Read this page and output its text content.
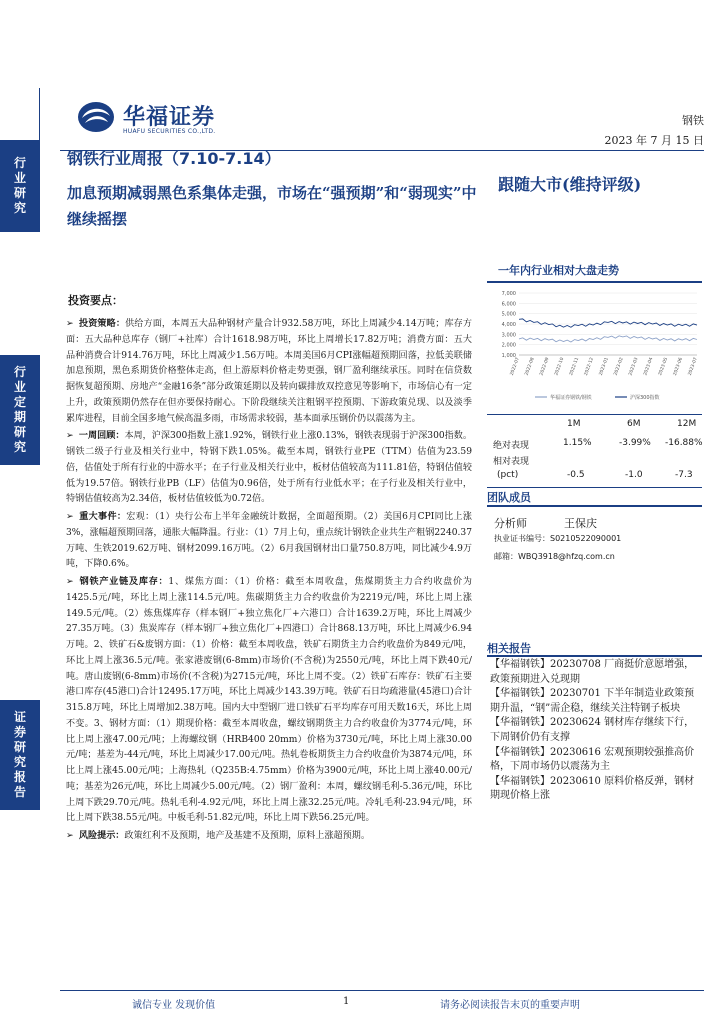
行
业
研
究
行
业
定
期
研
究
证
券
研
究
报
告
华福证券
HUAFU SECURITIES CO.,LTD.
钢铁
2023 年 7 月 15 日
钢铁行业周报（7.10-7.14）
加息预期减弱黑色系集体走强，市场在“强预期”和“弱现实”中继续摇摆
跟随大市(维持评级)
一年内行业相对大盘走势
7,000
6,000
5,000
4,000
3,000
2,000
1,000
2022-07 2022-08 2022-09 2022-10 2022-11 2022-12 2023-01 2023-02 2023-03 2023-04 2023-05 2023-06 2023-07
华福证券钢铁/钢铁	沪深300指数
1M	6M	12M
绝对表现	1.15%	-3.99% -16.88%
相对表现
(pct)	-0.5	-1.0	-7.3
团队成员
分析师	王保庆
执业证书编号：S0210522090001
邮箱：WBQ3918@hfzq.com.cn
相关报告
【华福钢铁】20230708 厂商挺价意愿增强，政策预期进入兑现期
【华福钢铁】20230701 下半年制造业政策预期升温，“钢”需企稳，继续关注特钢子板块
【华福钢铁】20230624 钢材库存继续下行，下周钢价仍有支撑
【华福钢铁】20230616 宏观预期较强推高价格，下周市场仍以震荡为主
【华福钢铁】20230610 原料价格反弹，钢材期现价格上涨
投资要点：

➢ 投资策略：供给方面，本周五大品种钢材产量合计932.58万吨，环比上周减少4.14万吨；库存方面：五大品种总库存（钢厂+社库）合计1618.98万吨，环比上周增长17.82万吨；消费方面：五大品种消费合计914.76万吨，环比上周减少1.56万吨。本周美国6月CPI涨幅超预期回落，拉低美联储加息预期，黑色系期货价格整体走高，但上游原料价格走势更强，钢厂盈利继续承压。同时在信贷数据恢复超预期、房地产“金融16条”部分政策延期以及转向碳排放双控意见等影响下，市场信心有一定上升，政策预期仍然存在但亦要保持耐心。下阶段继续关注粗钢平控预期、下游政策兑现、以及淡季累库进程，目前全国多地气候高温多雨，市场需求较弱，基本面承压钢价仍以震荡为主。

➢ 一周回顾：本周，沪深300指数上涨1.92%，钢铁行业上涨0.13%，钢铁表现弱于沪深300指数。钢铁二级子行业及相关行业中，特钢下跌1.05%。截至本周，钢铁行业PE（TTM）估值为23.59倍，估值处于所有行业的中游水平；在子行业及相关行业中，板材估值较高为111.81倍，特钢估值较低为19.57倍。钢铁行业PB（LF）估值为0.96倍，处于所有行业低水平；在子行业及相关行业中，特钢估值较高为2.34倍，板材估值较低为0.72倍。

➢ 重大事件：宏观：（1）央行公布上半年金融统计数据，全面超预期。（2）美国6月CPI同比上涨3%，涨幅超预期回落，通胀大幅降温。行业：（1）7月上旬，重点统计钢铁企业共生产粗钢2240.37万吨、生铁2019.62万吨、钢材2099.16万吨。（2）6月我国钢材出口量750.8万吨，同比减少4.9万吨，下降0.6%。

➢ 钢铁产业链及库存：1、煤焦方面：（1）价格：截至本周收盘，焦煤期货主力合约收盘价为1425.5元/吨，环比上周上涨114.5元/吨。焦碳期货主力合约收盘价为2219元/吨，环比上周上涨149.5元/吨。（2）炼焦煤库存（样本钢厂+独立焦化厂+六港口）合计1639.2万吨，环比上周减少27.35万吨。（3）焦炭库存（样本钢厂+独立焦化厂+四港口）合计868.13万吨，环比上周减少6.94万吨。2、铁矿石&废钢方面：（1）价格：截至本周收盘，铁矿石期货主力合约收盘价为849元/吨，环比上周上涨36.5元/吨。张家港废钢(6-8mm)市场价(不含税)为2550元/吨，环比上周下跌40元/吨。唐山废钢(6-8mm)市场价(不含税)为2715元/吨，环比上周不变。（2）铁矿石库存：铁矿石主要港口库存(45港口)合计12495.17万吨，环比上周减少143.39万吨。铁矿石日均疏港量(45港口)合计315.8万吨，环比上周增加2.38万吨。国内大中型钢厂进口铁矿石平均库存可用天数16天，环比上周不变。3、钢材方面：（1）期现价格：截至本周收盘，螺纹钢期货主力合约收盘价为3774元/吨，环比上周上涨47.00元/吨；上海螺纹钢（HRB400 20mm）价格为3730元/吨，环比上周上涨30.00元/吨；基差为-44元/吨，环比上周减少17.00元/吨。热轧卷板期货主力合约收盘价为3874元/吨，环比上周上涨45.00元/吨；上海热轧（Q235B:4.75mm）价格为3900元/吨，环比上周上涨40.00元/吨；基差为26元/吨，环比上周减少5.00元/吨。（2）钢厂盈利：本周，螺纹钢毛利-5.36元/吨，环比上周下跌29.70元/吨。热轧毛利-4.92元/吨，环比上周上涨32.25元/吨。冷轧毛利-23.94元/吨，环比上周下跌38.55元/吨。中板毛利-51.82元/吨，环比上周下跌56.25元/吨。

➢ 风险提示：政策红利不及预期，地产及基建不及预期，原料上涨超预期。

诚信专业 发现价值	1	请务必阅读报告末页的重要声明
